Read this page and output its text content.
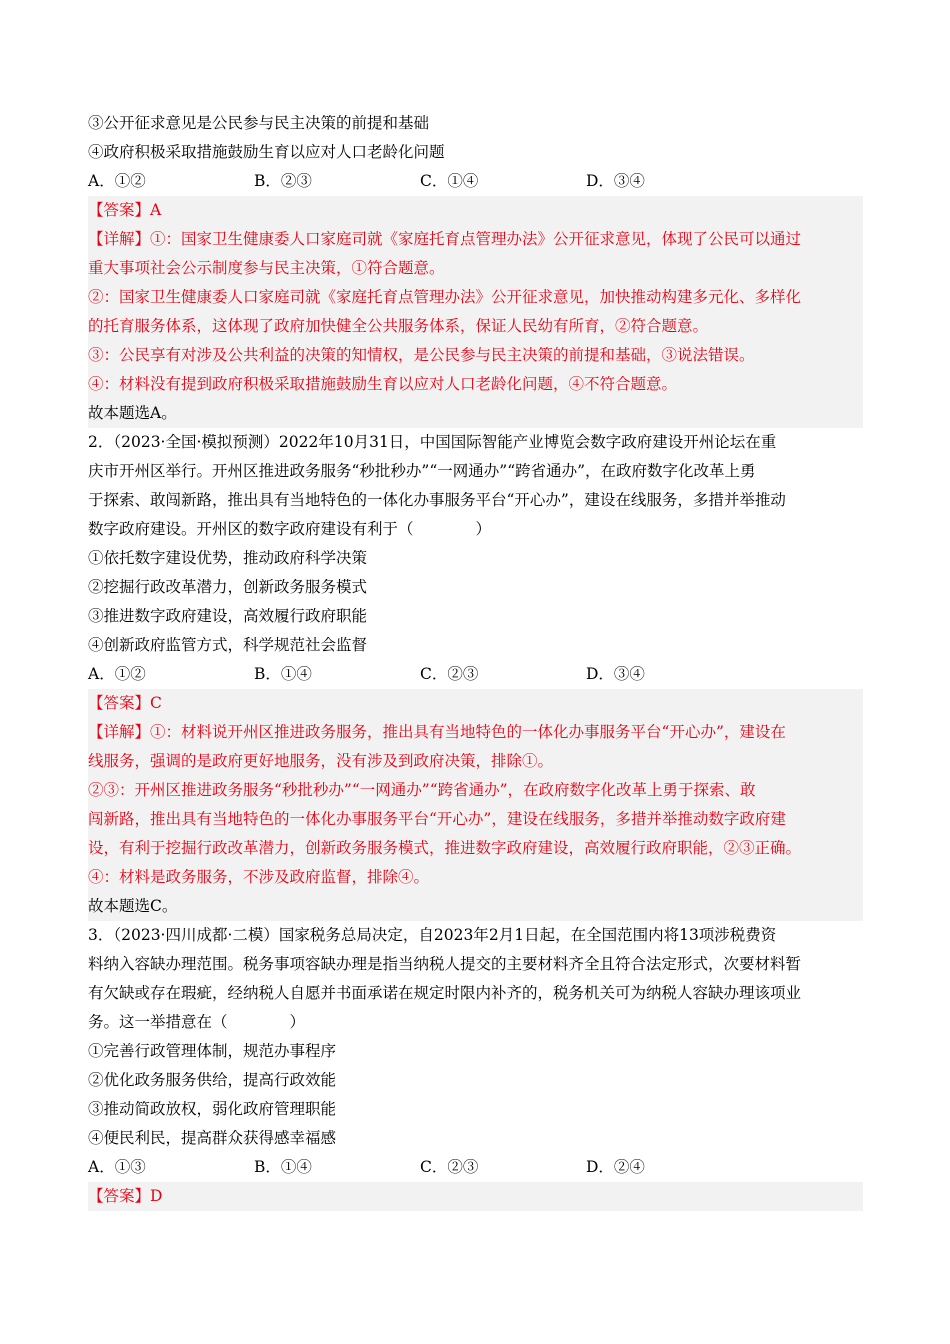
③公开征求意见是公民参与民主决策的前提和基础
④政府积极采取措施鼓励生育以应对人口老龄化问题
A．①②	B．②③	C．①④	D．③④
【答案】A
【详解】①：国家卫生健康委人口家庭司就《家庭托育点管理办法》公开征求意见，体现了公民可以通过
重大事项社会公示制度参与民主决策，①符合题意。
②：国家卫生健康委人口家庭司就《家庭托育点管理办法》公开征求意见，加快推动构建多元化、多样化
的托育服务体系，这体现了政府加快健全公共服务体系，保证人民幼有所育，②符合题意。
③：公民享有对涉及公共利益的决策的知情权，是公民参与民主决策的前提和基础，③说法错误。
④：材料没有提到政府积极采取措施鼓励生育以应对人口老龄化问题，④不符合题意。
故本题选A。
2．（2023·全国·模拟预测）2022年10月31日，中国国际智能产业博览会数字政府建设开州论坛在重
庆市开州区举行。开州区推进政务服务“秒批秒办”“一网通办”“跨省通办”，在政府数字化改革上勇
于探索、敢闯新路，推出具有当地特色的一体化办事服务平台“开心办”，建设在线服务，多措并举推动
数字政府建设。开州区的数字政府建设有利于（　　　　）
①依托数字建设优势，推动政府科学决策
②挖掘行政改革潜力，创新政务服务模式
③推进数字政府建设，高效履行政府职能
④创新政府监管方式，科学规范社会监督
A．①②	B．①④	C．②③	D．③④
【答案】C
【详解】①：材料说开州区推进政务服务，推出具有当地特色的一体化办事服务平台“开心办”，建设在
线服务，强调的是政府更好地服务，没有涉及到政府决策，排除①。
②③：开州区推进政务服务“秒批秒办”“一网通办”“跨省通办”，在政府数字化改革上勇于探索、敢
闯新路，推出具有当地特色的一体化办事服务平台“开心办”，建设在线服务，多措并举推动数字政府建
设，有利于挖掘行政改革潜力，创新政务服务模式，推进数字政府建设，高效履行政府职能，②③正确。
④：材料是政务服务，不涉及政府监督，排除④。
故本题选C。
3．（2023·四川成都·二模）国家税务总局决定，自2023年2月1日起，在全国范围内将13项涉税费资
料纳入容缺办理范围。税务事项容缺办理是指当纳税人提交的主要材料齐全且符合法定形式，次要材料暂
有欠缺或存在瑕疵，经纳税人自愿并书面承诺在规定时限内补齐的，税务机关可为纳税人容缺办理该项业
务。这一举措意在（　　　　）
①完善行政管理体制，规范办事程序
②优化政务服务供给，提高行政效能
③推动简政放权，弱化政府管理职能
④便民利民，提高群众获得感幸福感
A．①③	B．①④	C．②③	D．②④
【答案】D
